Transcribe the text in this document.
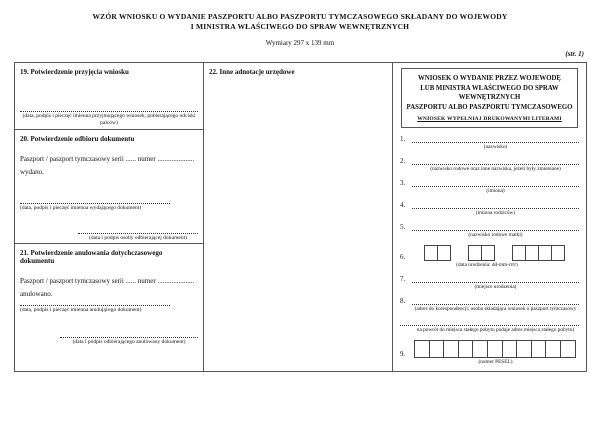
WZÓR WNIOSKU O WYDANIE PASZPORTU ALBO PASZPORTU TYMCZASOWEGO SKŁADANY DO WOJEWODY
I MINISTRA WŁAŚCIWEGO DO SPRAW WEWNĘTRZNYCH
Wymiary 297 x 139 mm
(str. 1)
19. Potwierdzenie przyjęcia wniosku
(data, podpis i pieczęć imienna przyjmującego wniosek, pobierającego odciski palców)
20. Potwierdzenie odbioru dokumentu
Paszport / paszport tymczasowy serii ...... numer .....................
wydano.
(data, podpis i pieczęć imienna wydającego dokument)
(data i podpis osoby odbierającej dokument)
21. Potwierdzenie anulowania dotychczasowego dokumentu
Paszport / paszport tymczasowy serii ...... numer .....................
anulowano.
(data, podpis i pieczęć imienna anulującego dokument)
(data i podpis odbierającego anulowany dokument)
22. Inne adnotacje urzędowe
WNIOSEK O WYDANIE PRZEZ WOJEWODĘ
LUB MINISTRA WŁAŚCIWEGO DO SPRAW WEWNĘTRZNYCH
PASZPORTU ALBO PASZPORTU TYMCZASOWEGO
WNIOSEK WYPEŁNIAJ DRUKOWANYMI LITERAMI
1.
(nazwisko)
2.
(nazwisko rodowe oraz inne nazwiska, jeżeli były zmieniane)
3.
(imiona)
4.
(imiona rodziców)
5.
(nazwisko rodowe matki)
6.
(data urodzenia: dd-mm-rrrr)
7.
(miejsce urodzenia)
8.
(adres do korespondencji; osoba składająca wniosek o paszport tymczasowy
na powrót do miejsca stałego pobytu podaje adres miejsca stałego pobytu)
9.
(numer PESEL)
